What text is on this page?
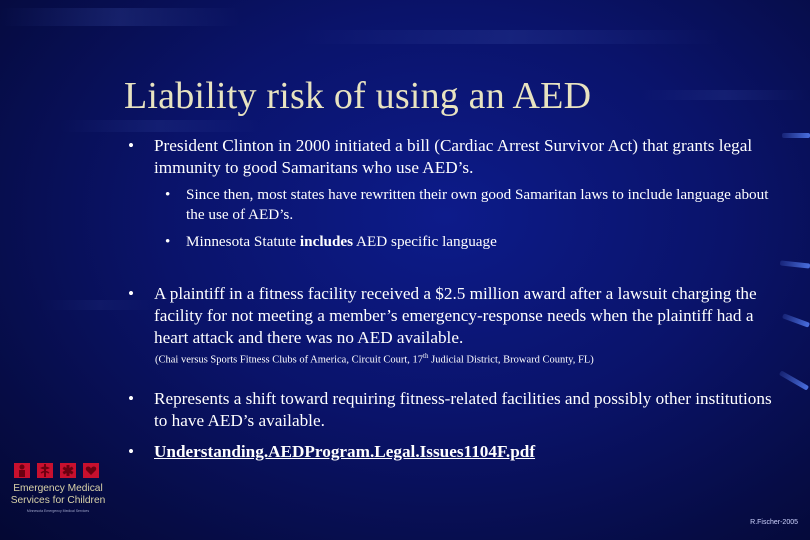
Liability risk of using an AED
• President Clinton in 2000 initiated a bill (Cardiac Arrest Survivor Act) that grants legal immunity to good Samaritans who use AED’s.
• Since then, most states have rewritten their own good Samaritan laws to include language about the use of AED’s.
• Minnesota Statute includes AED specific language
• A plaintiff in a fitness facility received a $2.5 million award after a lawsuit charging the facility for not meeting a member’s emergency-response needs when the plaintiff had a heart attack and there was no AED available.
(Chai versus Sports Fitness Clubs of America, Circuit Court, 17th Judicial District, Broward County, FL)
• Represents a shift toward requiring fitness-related facilities and possibly other institutions to have AED’s available.
• Understanding.AEDProgram.Legal.Issues1104F.pdf
Emergency Medical
Services for Children
Minnesota Emergency Medical Services
R.Fischer-2005
